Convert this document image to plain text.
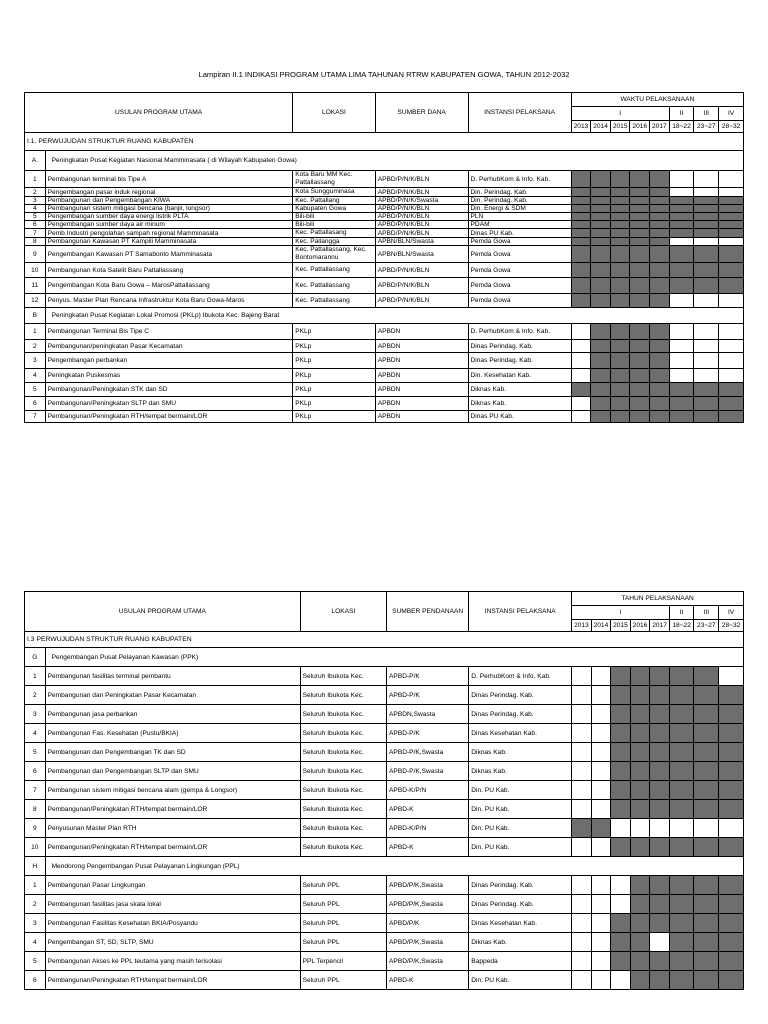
Lampiran II.1 INDIKASI PROGRAM UTAMA LIMA TAHUNAN RTRW KABUPATEN GOWA, TAHUN 2012-2032
USULAN PROGRAM UTAMA		LOKASI	SUMBER DANA	INSTANSI PELAKSANA	WAKTU PELAKSANAAN							
					I					II	III	IV
					2013	2014	2015	2016	2017	18~22	23~27	28~32
I.1. PERWUJUDAN STRUKTUR RUANG KABUPATEN												
A.	Peningkatan Pusat Kegiatan Nasional Mamminasata ( di Wilayah Kabupaten Gowa)											
1	Pembangunan terminal bis Tipe A	Kota Baru MM Kec. Pattallassang	APBD/P/N/K/BLN	D. PerhubKom & Info. Kab.								
2	Pengembangan pasar induk regional	Kota Sungguminasa	APBD/P/N/K/BLN	Din. Perindag. Kab.								
3	Pembangunan dan Pengembangan KIWA	Kec. Pattallang	APBD/P/N/K/Swasta	Din. Perindag. Kab.								
4	Pembangunan sistem mitigasi bencana (banjir, longsor)	Kabupaten Gowa	APBD/P/N/K/BLN	Din. Energi & SDM								
5	Pengembangan sumber daya energi listrik PLTA	Bili-bili	APBD/P/N/K/BLN	PLN								
6	Pengembangan sumber daya air minum	Bili-bili	APBD/P/N/K/BLN	PDAM								
7	Pemb.Industri pengolahan sampah regional Mamminasata	Kec. Pattallasang	APBD/P/N/K/BLN	Dinas PU Kab.								
8	Pembangunan Kawasan PT Kampili Mamminasata	Kec. Pallangga	APBN/BLN/Swasta	Pemda Gowa								
9	Pengembangan Kawasan PT Samabonto Mamminasata	Kec. Pattallassang, Kec. Bontomarannu	APBN/BLN/Swasta	Pemda Gowa								
10	Pembangunan Kota Satelit Baru Pattallassang	Kec. Pattallassang	APBD/P/N/K/BLN	Pemda Gowa								
11	Pengembangan Kota Baru Gowa – MarosPattallassang	Kec. Pattallassang	APBD/P/N/K/BLN	Pemda Gowa								
12	Penyus. Master Plan Rencana Infrastruktur Kota Baru Gowa-Maros	Kec. Pattallassang	APBD/P/N/K/BLN	Pemda Gowa								
B	Peningkatan Pusat Kegiatan Lokal Promosi (PKLp) Ibukota Kec. Bajeng Barat											
1	Pembangunan Terminal Bis Tipe C	PKLp	APBDN	D. PerhubKom & Info. Kab.								
2	Pembangunan/peningkatan Pasar Kecamatan	PKLp	APBDN	Dinas Perindag. Kab.								
3	Pengembangan perbankan	PKLp	APBDN	Dinas Perindag. Kab.								
4	Peningkatan Puskesmas	PKLp	APBDN	Din. Kesehatan Kab.								
5	Pembangunan/Peningkatan STK dan SD	PKLp	APBDN	Diknas Kab.								
6	Pembangunan/Peningkatan SLTP dan SMU	PKLp	APBDN	Diknas Kab.								
7	Pembangunan/Peningkatan RTH/tempat bermain/LOR	PKLp	APBDN	Dinas PU Kab.								
USULAN PROGRAM UTAMA		LOKASI	SUMBER PENDANAAN	INSTANSI PELAKSANA	TAHUN PELAKSANAAN							
					I					II	III	IV
					2013	2014	2015	2016	2017	18~22	23~27	28~32
I.3 PERWUJUDAN STRUKTUR RUANG KABUPATEN												
G	Pengembangan Pusat Pelayanan Kawasan (PPK)											
1	Pembangunan fasilitas terminal pembantu	Seluruh Ibukota Kec.	APBD-P/K	D. PerhubKom & Info. Kab.								
2	Pembangunan dan Peningkatan Pasar Kecamatan	Seluruh Ibukota Kec.	APBD-P/K	Dinas Perindag. Kab.								
3	Pembangunan jasa perbankan	Seluruh Ibukota Kec.	APBDN,Swasta	Dinas Perindag. Kab.								
4	Pembangunan Fas. Kesehatan (Pustu/BKIA)	Seluruh Ibukota Kec.	APBD-P/K	Dinas Kesehatan Kab.								
5	Pembangunan dan Pengembangan TK dan SD	Seluruh Ibukota Kec.	APBD-P/K,Swasta	Diknas Kab.								
6	Pembangunan dan Pengembangan SLTP dan SMU	Seluruh Ibukota Kec.	APBD-P/K,Swasta	Diknas Kab.								
7	Pembangunan sistem mitigasi bencana alam (gempa & Longsor)	Seluruh Ibukota Kec.	APBD-K/P/N	Din. PU Kab.								
8	Pembangunan/Peningkatan RTH/tempat bermain/LOR	Seluruh Ibukota Kec.	APBD-K	Din. PU Kab.								
9	Penyusunan Master Plan RTH	Seluruh Ibukota Kec.	APBD-K/P/N	Din. PU Kab.								
10	Pembangunan/Peningkatan RTH/tempat bermain/LOR	Seluruh Ibukota Kec.	APBD-K	Din. PU Kab.								
H	Mendorong Pengembangan Pusat Pelayanan Lingkungan (PPL)											
1	Pembangunan Pasar Lingkungan	Seluruh PPL	APBD/P/K,Swasta	Dinas Perindag. Kab.								
2	Pembangunan fasilitas jasa skala lokal	Seluruh PPL	APBD/P/K,Swasta	Dinas Perindag. Kab.								
3	Pembangunan Fasilitas Kesehatan BKIA/Posyandu	Seluruh PPL	APBD/P/K	Dinas Kesehatan Kab.								
4	Pengembangan ST, SD, SLTP, SMU	Seluruh PPL	APBD/P/K,Swasta	Diknas Kab.								
5	Pembangunan Akses ke PPL teutama yang masih terisolasi	PPL Terpencil	APBD/P/K,Swasta	Bappeda								
6	Pembangunan/Peningkatan RTH/tempat bermain/LOR	Seluruh PPL	APBD-K	Din. PU Kab.								
